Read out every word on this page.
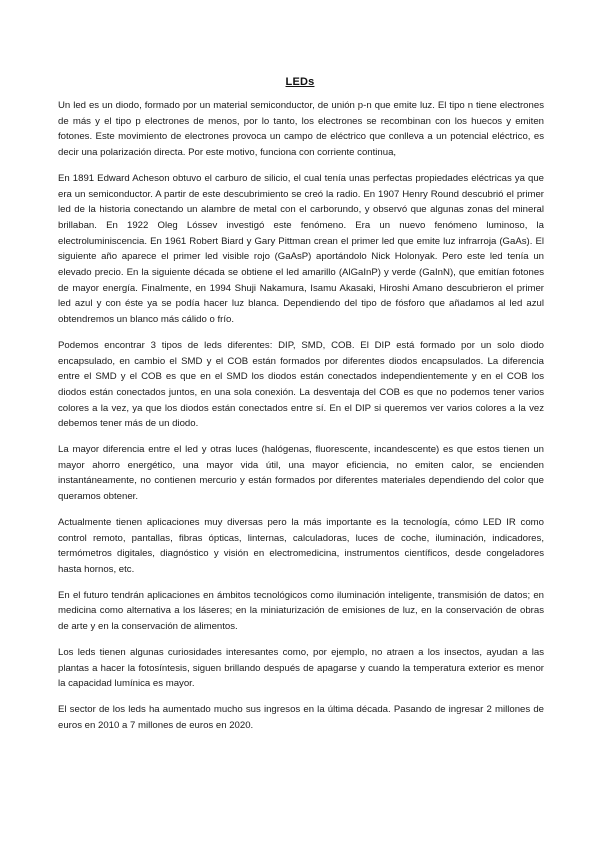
LEDs

Un led es un diodo, formado por un material semiconductor, de unión p-n que emite luz. El tipo n tiene electrones de más y el tipo p electrones de menos, por lo tanto, los electrones se recombinan con los huecos y emiten fotones. Este movimiento de electrones provoca un campo de eléctrico que conlleva a un potencial eléctrico, es decir una polarización directa. Por este motivo, funciona con corriente continua,

En 1891 Edward Acheson obtuvo el carburo de silicio, el cual tenía unas perfectas propiedades eléctricas ya que era un semiconductor. A partir de este descubrimiento se creó la radio. En 1907 Henry Round descubrió el primer led de la historia conectando un alambre de metal con el carborundo, y observó que algunas zonas del mineral brillaban. En 1922 Oleg Lóssev investigó este fenómeno. Era un nuevo fenómeno luminoso, la electroluminiscencia. En 1961 Robert Biard y Gary Pittman crean el primer led que emite luz infrarroja (GaAs). El siguiente año aparece el primer led visible rojo (GaAsP) aportándolo Nick Holonyak. Pero este led tenía un elevado precio. En la siguiente década se obtiene el led amarillo (AlGaInP) y verde (GaInN), que emitían fotones de mayor energía. Finalmente, en 1994 Shuji Nakamura, Isamu Akasaki, Hiroshi Amano descubrieron el primer led azul y con éste ya se podía hacer luz blanca. Dependiendo del tipo de fósforo que añadamos al led azul obtendremos un blanco más cálido o frío.

Podemos encontrar 3 tipos de leds diferentes: DIP, SMD, COB. El DIP está formado por un solo diodo encapsulado, en cambio el SMD y el COB están formados por diferentes diodos encapsulados. La diferencia entre el SMD y el COB es que en el SMD los diodos están conectados independientemente y en el COB los diodos están conectados juntos, en una sola conexión. La desventaja del COB es que no podemos tener varios colores a la vez, ya que los diodos están conectados entre sí. En el DIP si queremos ver varios colores a la vez debemos tener más de un diodo.

La mayor diferencia entre el led y otras luces (halógenas, fluorescente, incandescente) es que estos tienen un mayor ahorro energético, una mayor vida útil, una mayor eficiencia, no emiten calor, se encienden instantáneamente, no contienen mercurio y están formados por diferentes materiales dependiendo del color que queramos obtener.

Actualmente tienen aplicaciones muy diversas pero la más importante es la tecnología, cómo LED IR como control remoto, pantallas, fibras ópticas, linternas, calculadoras, luces de coche, iluminación, indicadores, termómetros digitales, diagnóstico y visión en electromedicina, instrumentos científicos, desde congeladores hasta hornos, etc.

En el futuro tendrán aplicaciones en ámbitos tecnológicos como iluminación inteligente, transmisión de datos; en medicina como alternativa a los láseres; en la miniaturización de emisiones de luz, en la conservación de obras de arte y en la conservación de alimentos.

Los leds tienen algunas curiosidades interesantes como, por ejemplo, no atraen a los insectos, ayudan a las plantas a hacer la fotosíntesis, siguen brillando después de apagarse y cuando la temperatura exterior es menor la capacidad lumínica es mayor.

El sector de los leds ha aumentado mucho sus ingresos en la última década. Pasando de ingresar 2 millones de euros en 2010 a 7 millones de euros en 2020.
